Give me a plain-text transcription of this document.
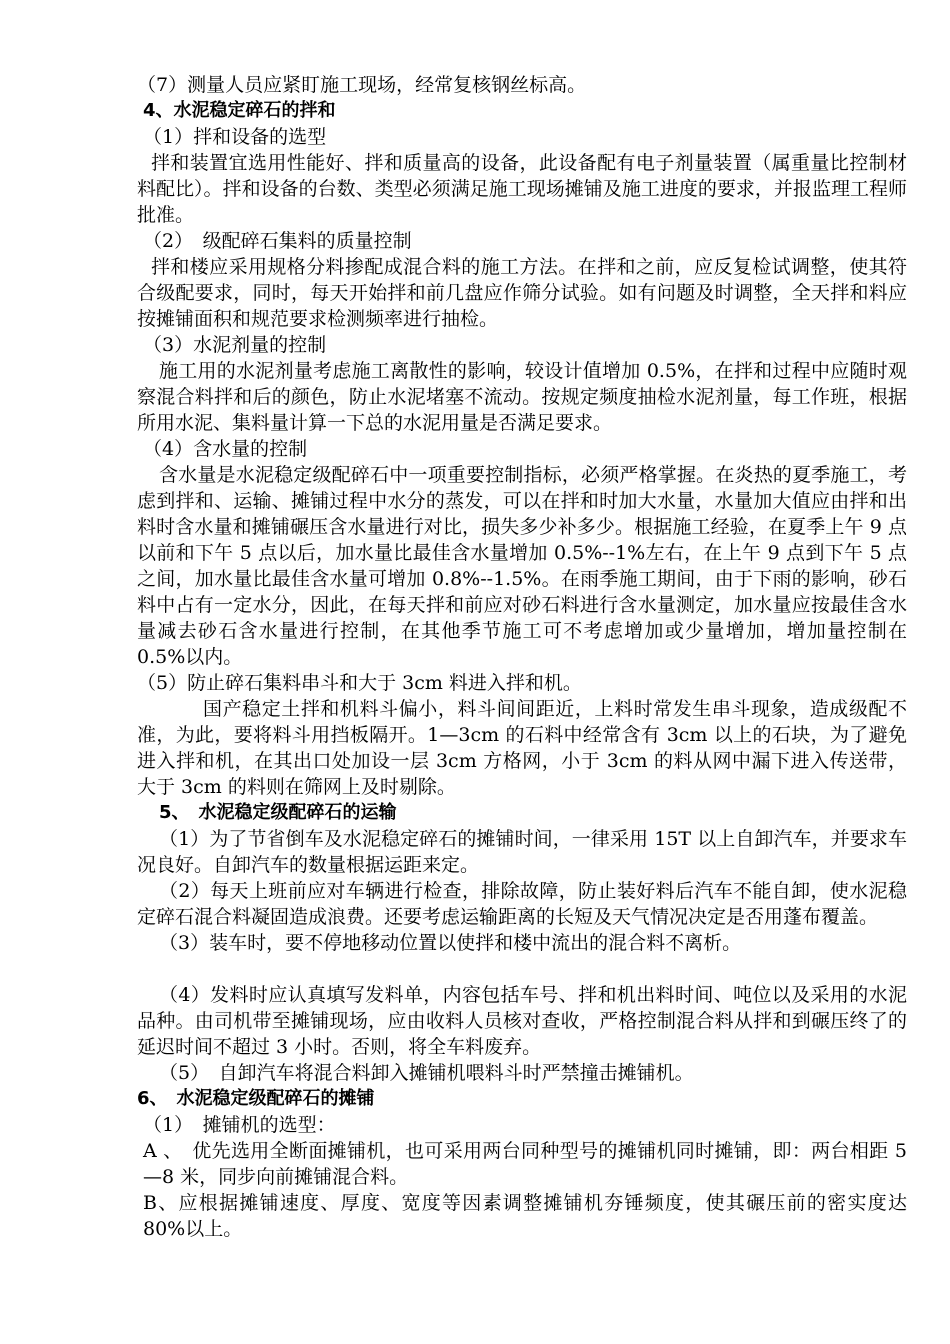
（7）测量人员应紧盯施工现场，经常复核钢丝标高。

4、水泥稳定碎石的拌和

（1）拌和设备的选型

拌和装置宜选用性能好、拌和质量高的设备，此设备配有电子剂量装置（属重量比控制材料配比）。拌和设备的台数、类型必须满足施工现场摊铺及施工进度的要求，并报监理工程师批准。

（2）　级配碎石集料的质量控制

拌和楼应采用规格分料掺配成混合料的施工方法。在拌和之前，应反复检试调整，使其符合级配要求，同时，每天开始拌和前几盘应作筛分试验。如有问题及时调整，全天拌和料应按摊铺面积和规范要求检测频率进行抽检。

（3）水泥剂量的控制

施工用的水泥剂量考虑施工离散性的影响，较设计值增加 0.5%，在拌和过程中应随时观察混合料拌和后的颜色，防止水泥堵塞不流动。按规定频度抽检水泥剂量，每工作班，根据所用水泥、集料量计算一下总的水泥用量是否满足要求。

（4）含水量的控制

含水量是水泥稳定级配碎石中一项重要控制指标，必须严格掌握。在炎热的夏季施工，考虑到拌和、运输、摊铺过程中水分的蒸发，可以在拌和时加大水量，水量加大值应由拌和出料时含水量和摊铺碾压含水量进行对比，损失多少补多少。根据施工经验，在夏季上午 9 点以前和下午 5 点以后，加水量比最佳含水量增加 0.5%--1%左右，在上午 9 点到下午 5 点之间，加水量比最佳含水量可增加 0.8%--1.5%。在雨季施工期间，由于下雨的影响，砂石料中占有一定水分，因此，在每天拌和前应对砂石料进行含水量测定，加水量应按最佳含水量减去砂石含水量进行控制，在其他季节施工可不考虑增加或少量增加，增加量控制在 0.5%以内。

（5）防止碎石集料串斗和大于 3cm 料进入拌和机。

国产稳定土拌和机料斗偏小，料斗间间距近，上料时常发生串斗现象，造成级配不准，为此，要将料斗用挡板隔开。1—3cm 的石料中经常含有 3cm 以上的石块，为了避免进入拌和机，在其出口处加设一层 3cm 方格网，小于 3cm 的料从网中漏下进入传送带，大于 3cm 的料则在筛网上及时剔除。

5、　水泥稳定级配碎石的运输

（1）为了节省倒车及水泥稳定碎石的摊铺时间，一律采用 15T 以上自卸汽车，并要求车况良好。自卸汽车的数量根据运距来定。

（2）每天上班前应对车辆进行检查，排除故障，防止装好料后汽车不能自卸，使水泥稳定碎石混合料凝固造成浪费。还要考虑运输距离的长短及天气情况决定是否用蓬布覆盖。

（3）装车时，要不停地移动位置以使拌和楼中流出的混合料不离析。

（4）发料时应认真填写发料单，内容包括车号、拌和机出料时间、吨位以及采用的水泥品种。由司机带至摊铺现场，应由收料人员核对查收，严格控制混合料从拌和到碾压终了的延迟时间不超过 3 小时。否则，将全车料废弃。

（5）　自卸汽车将混合料卸入摊铺机喂料斗时严禁撞击摊铺机。

6、　水泥稳定级配碎石的摊铺

（1）　摊铺机的选型：

A 、　优先选用全断面摊铺机，也可采用两台同种型号的摊铺机同时摊铺，即：两台相距 5—8 米，同步向前摊铺混合料。

B、应根据摊铺速度、厚度、宽度等因素调整摊铺机夯锤频度，使其碾压前的密实度达 80%以上。
